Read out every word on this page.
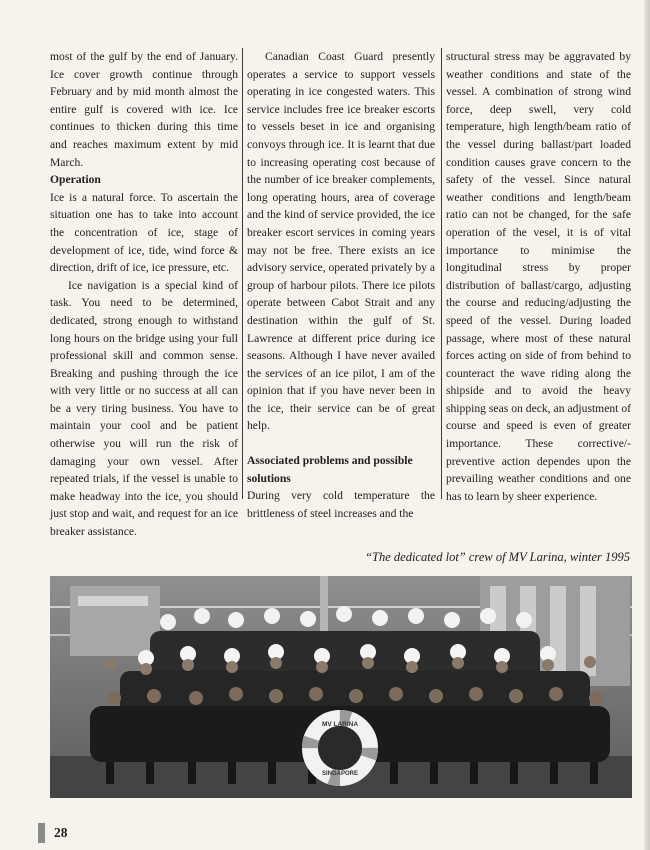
most of the gulf by the end of January. Ice cover growth continue through February and by mid month almost the entire gulf is covered with ice. Ice continues to thicken during this time and reaches maximum extent by mid March.

Operation

Ice is a natural force. To ascertain the situation one has to take into account the concentration of ice, stage of development of ice, tide, wind force & direction, drift of ice, ice pressure, etc.

Ice navigation is a special kind of task. You need to be determined, dedicated, strong enough to withstand long hours on the bridge using your full professional skill and common sense. Breaking and pushing through the ice with very little or no success at all can be a very tiring business. You have to maintain your cool and be patient otherwise you will run the risk of damaging your own vessel. After repeated trials, if the vessel is unable to make headway into the ice, you should just stop and wait, and request for an ice breaker assistance.

Canadian Coast Guard presently operates a service to support vessels operating in ice congested waters. This service includes free ice breaker escorts to vessels beset in ice and organising convoys through ice. It is learnt that due to increasing operating cost because of the number of ice breaker complements, long operating hours, area of coverage and the kind of service provided, the ice breaker escort services in coming years may not be free. There exists an ice advisory service, operated privately by a group of harbour pilots. There ice pilots operate between Cabot Strait and any destination within the gulf of St. Lawrence at different price during ice seasons. Although I have never availed the services of an ice pilot, I am of the opinion that if you have never been in the ice, their service can be of great help.

Associated problems and possible solutions

During very cold temperature the brittleness of steel increases and the

structural stress may be aggravated by weather conditions and state of the vessel. A combination of strong wind force, deep swell, very cold temperature, high length/beam ratio of the vessel during ballast/part loaded condition causes grave concern to the safety of the vessel. Since natural weather conditions and length/beam ratio can not be changed, for the safe operation of the vesel, it is of vital importance to minimise the longitudinal stress by proper distribution of ballast/cargo, adjusting the course and reducing/adjusting the speed of the vessel. During loaded passage, where most of these natural forces acting on side of from behind to counteract the wave riding along the shipside and to avoid the heavy shipping seas on deck, an adjustment of course and speed is even of greater importance. These corrective/-preventive action dependes upon the prevailing weather conditions and one has to learn by sheer experience.

“The dedicated lot” crew of MV Larina, winter 1995
MV LARINA
SINGAPORE
28
